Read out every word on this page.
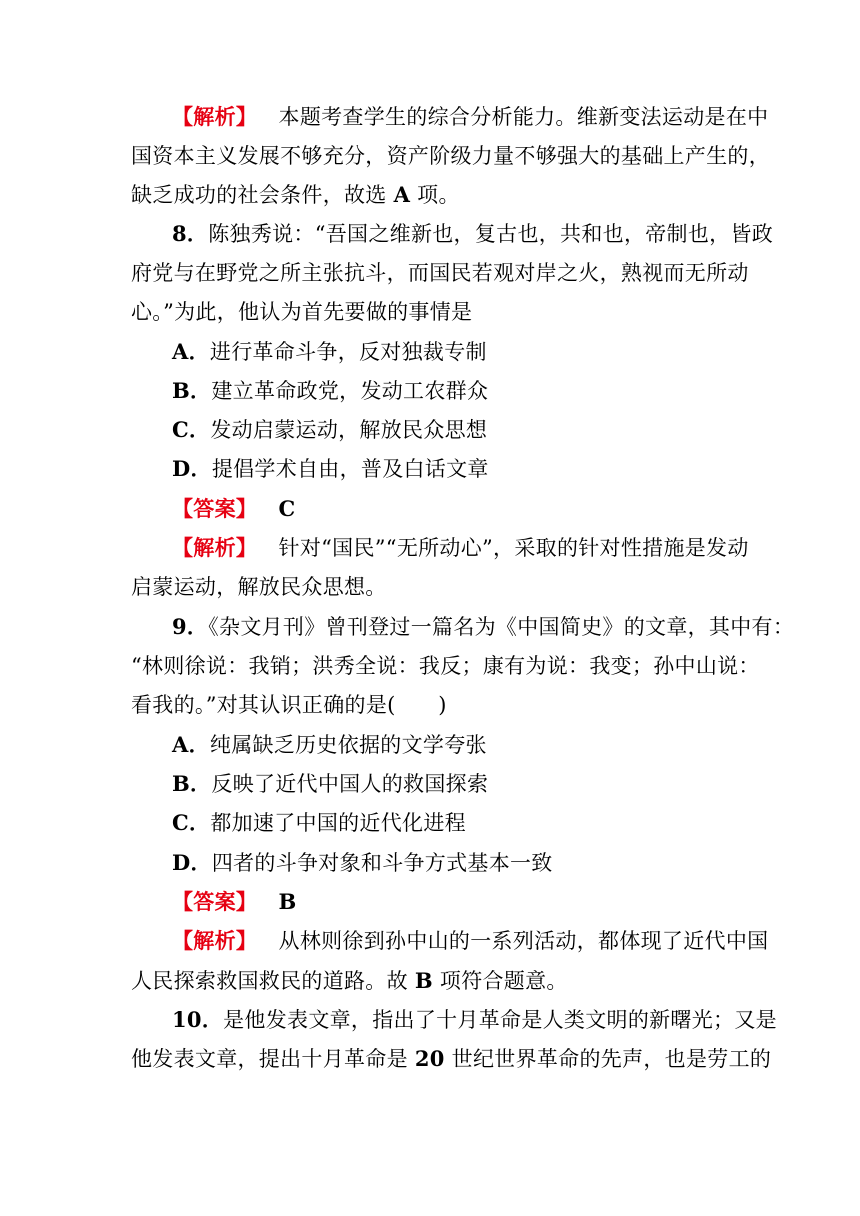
【解析】  本题考查学生的综合分析能力。维新变法运动是在中
国资本主义发展不够充分，资产阶级力量不够强大的基础上产生的，
缺乏成功的社会条件，故选 A 项。
8．陈独秀说：“吾国之维新也，复古也，共和也，帝制也，皆政
府党与在野党之所主张抗斗，而国民若观对岸之火，熟视而无所动
心。”为此，他认为首先要做的事情是
A．进行革命斗争，反对独裁专制
B．建立革命政党，发动工农群众
C．发动启蒙运动，解放民众思想
D．提倡学术自由，普及白话文章
【答案】  C
【解析】  针对“国民”“无所动心”，采取的针对性措施是发动
启蒙运动，解放民众思想。
9．《杂文月刊》曾刊登过一篇名为《中国简史》的文章，其中有：
“林则徐说：我销；洪秀全说：我反；康有为说：我变；孙中山说：
看我的。”对其认识正确的是(　　)
A．纯属缺乏历史依据的文学夸张
B．反映了近代中国人的救国探索
C．都加速了中国的近代化进程
D．四者的斗争对象和斗争方式基本一致
【答案】  B
【解析】  从林则徐到孙中山的一系列活动，都体现了近代中国
人民探索救国救民的道路。故 B 项符合题意。
10．是他发表文章，指出了十月革命是人类文明的新曙光；又是
他发表文章，提出十月革命是 20 世纪世界革命的先声，也是劳工的
